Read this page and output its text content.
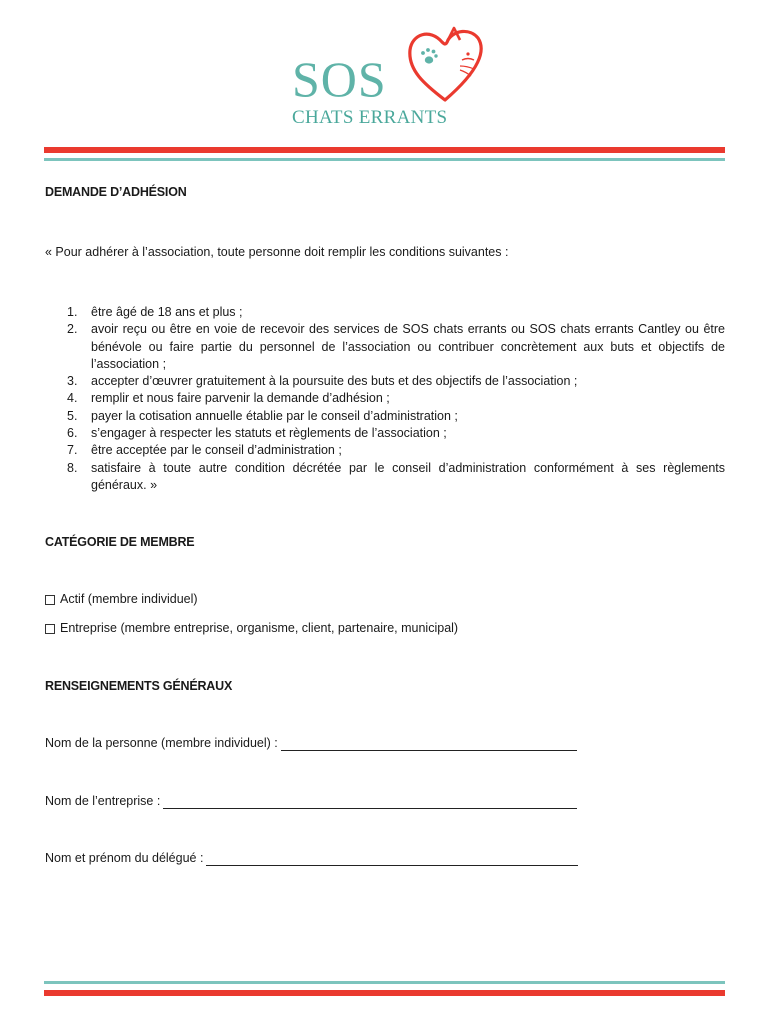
SOS
CHATS ERRANTS
DEMANDE D’ADHÉSION
« Pour adhérer à l’association, toute personne doit remplir les conditions suivantes :
1.	être âgé de 18 ans et plus ;
2.	avoir reçu ou être en voie de recevoir des services de SOS chats errants ou SOS chats errants Cantley ou être bénévole ou faire partie du personnel de l’association ou contribuer concrètement aux buts et objectifs de l’association ;
3.	accepter d’œuvrer gratuitement à la poursuite des buts et des objectifs de l’association ;
4.	remplir et nous faire parvenir la demande d’adhésion ;
5.	payer la cotisation annuelle établie par le conseil d’administration ;
6.	s’engager à respecter les statuts et règlements de l’association ;
7.	être acceptée par le conseil d’administration ;
8.	satisfaire à toute autre condition décrétée par le conseil d’administration conformément à ses règlements généraux. »
CATÉGORIE DE MEMBRE
Actif (membre individuel)
Entreprise (membre entreprise, organisme, client, partenaire, municipal)
RENSEIGNEMENTS GÉNÉRAUX
Nom de la personne (membre individuel) :
Nom de l’entreprise :
Nom et prénom du délégué :
